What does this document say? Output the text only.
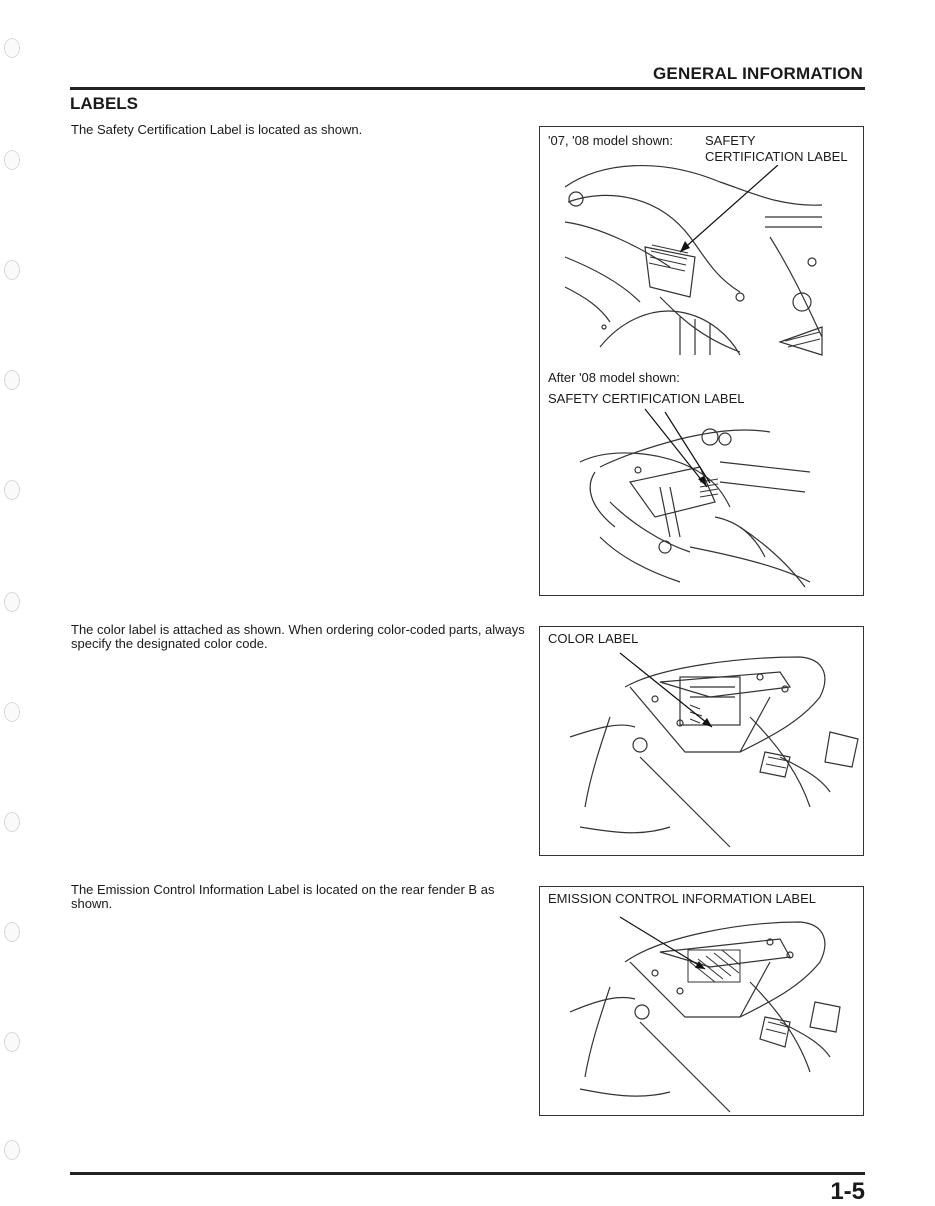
GENERAL INFORMATION
LABELS
The Safety Certification Label is located as shown.
The color label is attached as shown. When ordering color-coded parts, always specify the designated color code.
The Emission Control Information Label is located on the rear fender B as shown.
'07, '08 model shown: SAFETY
CERTIFICATION LABEL
After '08 model shown:
SAFETY CERTIFICATION LABEL
COLOR LABEL
EMISSION CONTROL INFORMATION LABEL
1-5
